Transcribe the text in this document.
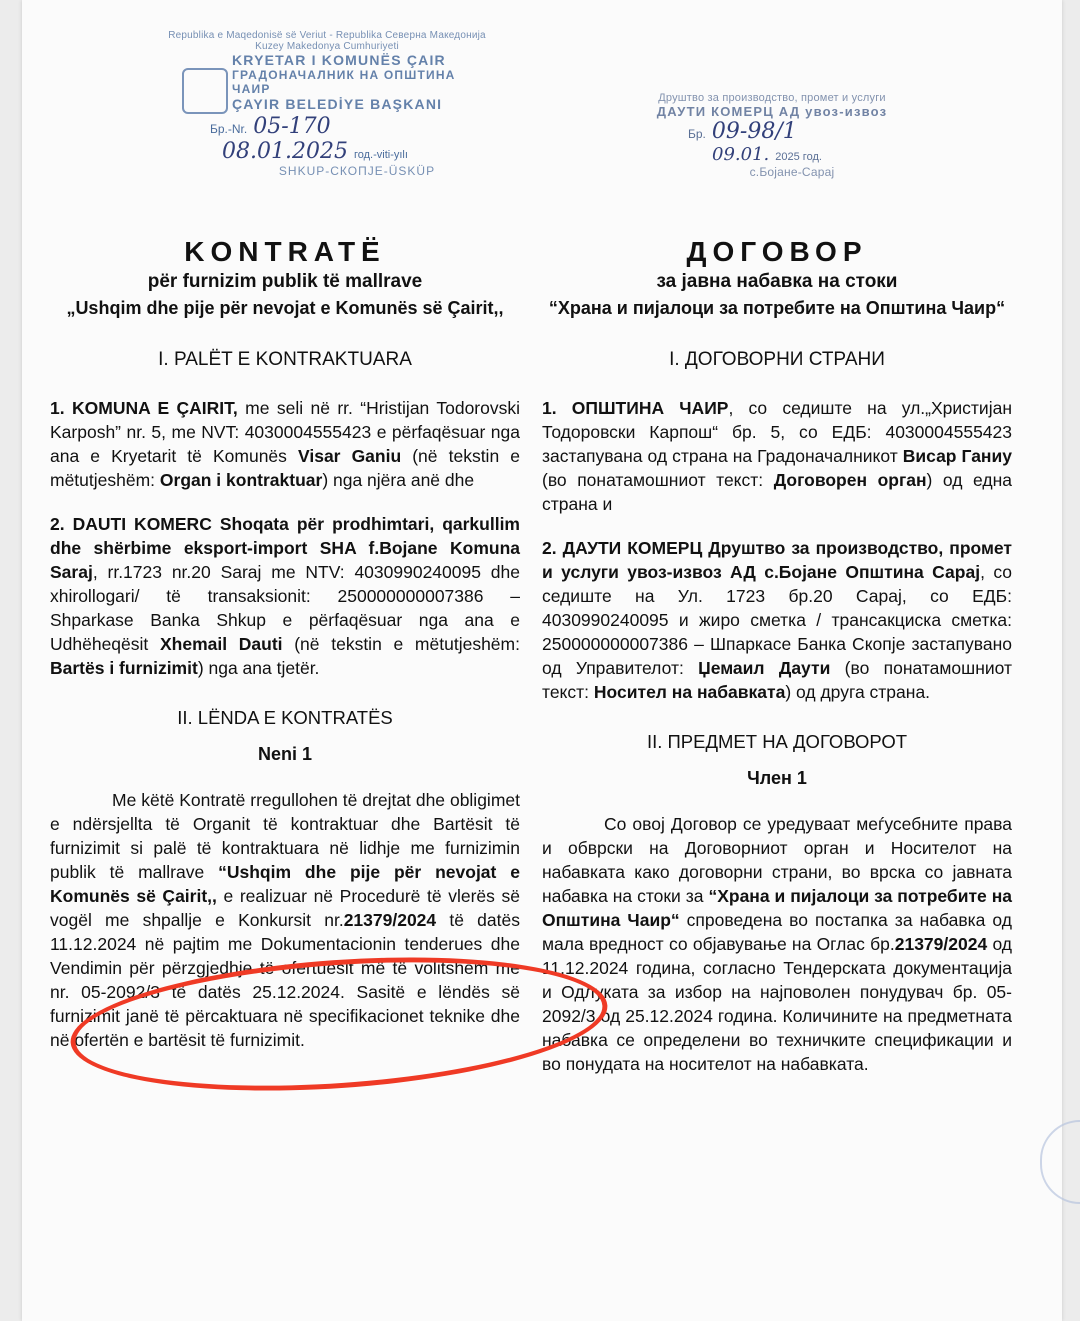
Republika e Maqedonisë së Veriut - Republika Северна Македонија
Kuzey Makedonya Cumhuriyeti
KRYETAR I KOMUNËS ÇAIR
ГРАДОНАЧАЛНИК НА ОПШТИНА ЧАИР
ÇAYIR BELEDİYE BAŞKANI
Бр.-Nr. 05-170
08.01.2025 год.-viti-yılı
SHKUP-СКОПЈЕ-ÜSKÜP
Друштво за производство, промет и услуги
ДАУТИ КОМЕРЦ АД увоз-извоз
Бр. 09-98/1
09.01. 2025 год.
с.Бојане-Сарај
KONTRATË
për furnizim publik të mallrave
„Ushqim dhe pije për nevojat e Komunës së Çairit,,
I. PALËT E KONTRAKTUARA

1. KOMUNA E ÇAIRIT, me seli në rr. “Hristijan Todorovski Karposh” nr. 5, me NVT: 4030004555423 e përfaqësuar nga ana e Kryetarit të Komunës Visar Ganiu (në tekstin e mëtutjeshëm: Organ i kontraktuar) nga njëra anë dhe

2. DAUTI KOMERC Shoqata për prodhimtari, qarkullim dhe shërbime eksport-import SHA f.Bojane Komuna Saraj, rr.1723 nr.20 Saraj me NTV: 4030990240095 dhe xhirollogari/ të transaksionit: 250000000007386 – Shparkase Banka Shkup e përfaqësuar nga ana e Udhëheqësit Xhemail Dauti (në tekstin e mëtutjeshëm: Bartës i furnizimit) nga ana tjetër.

II. LËNDA E KONTRATËS
Neni 1

Me këtë Kontratë rregullohen të drejtat dhe obligimet e ndërsjellta të Organit të kontraktuar dhe Bartësit të furnizimit si palë të kontraktuara në lidhje me furnizimin publik të mallrave “Ushqim dhe pije për nevojat e Komunës së Çairit,, e realizuar në Procedurë të vlerës së vogël me shpallje e Konkursit nr.21379/2024 të datës 11.12.2024 në pajtim me Dokumentacionin tenderues dhe Vendimin për përzgjedhje të ofertuesit më të volitshëm me nr. 05-2092/3 të datës 25.12.2024. Sasitë e lëndës së furnizimit janë të përcaktuara në specifikacionet teknike dhe në ofertën e bartësit të furnizimit.

ДОГОВОР
за јавна набавка на стоки
“Храна и пијалоци за потребите на Општина Чаир“
I. ДОГОВОРНИ СТРАНИ

1. ОПШТИНА ЧАИР, со седиште на ул.„Христијан Тодоровски Карпош“ бр. 5, со ЕДБ: 4030004555423 застапувана од страна на Градоначалникот Висар Ганиу (во понатамошниот текст: Договорен орган) од една страна и

2. ДАУТИ КОМЕРЦ Друштво за производство, промет и услуги увоз-извоз АД с.Бојане Општина Сарај, со седиште на Ул. 1723 бр.20 Сарај, со ЕДБ: 4030990240095 и жиро сметка / трансакциска сметка: 250000000007386 – Шпаркасе Банка Скопје застапувано од Управителот: Џемаил Даути (во понатамошниот текст: Носител на набавката) од друга страна.

II. ПРЕДМЕТ НА ДОГОВОРОТ
Член 1

Со овој Договор се уредуваат меѓусебните права и обврски на Договорниот орган и Носителот на набавката како договорни страни, во врска со јавната набавка на стоки за “Храна и пијалоци за потребите на Општина Чаир“ спроведена во постапка за набавка од мала вредност со објавување на Оглас бр.21379/2024 од 11.12.2024 година, согласно Тендерската документација и Одлуката за избор на најповолен понудувач бр. 05-2092/3 од 25.12.2024 година. Количините на предметната набавка се определени во техничките спецификации и во понудата на носителот на набавката.
